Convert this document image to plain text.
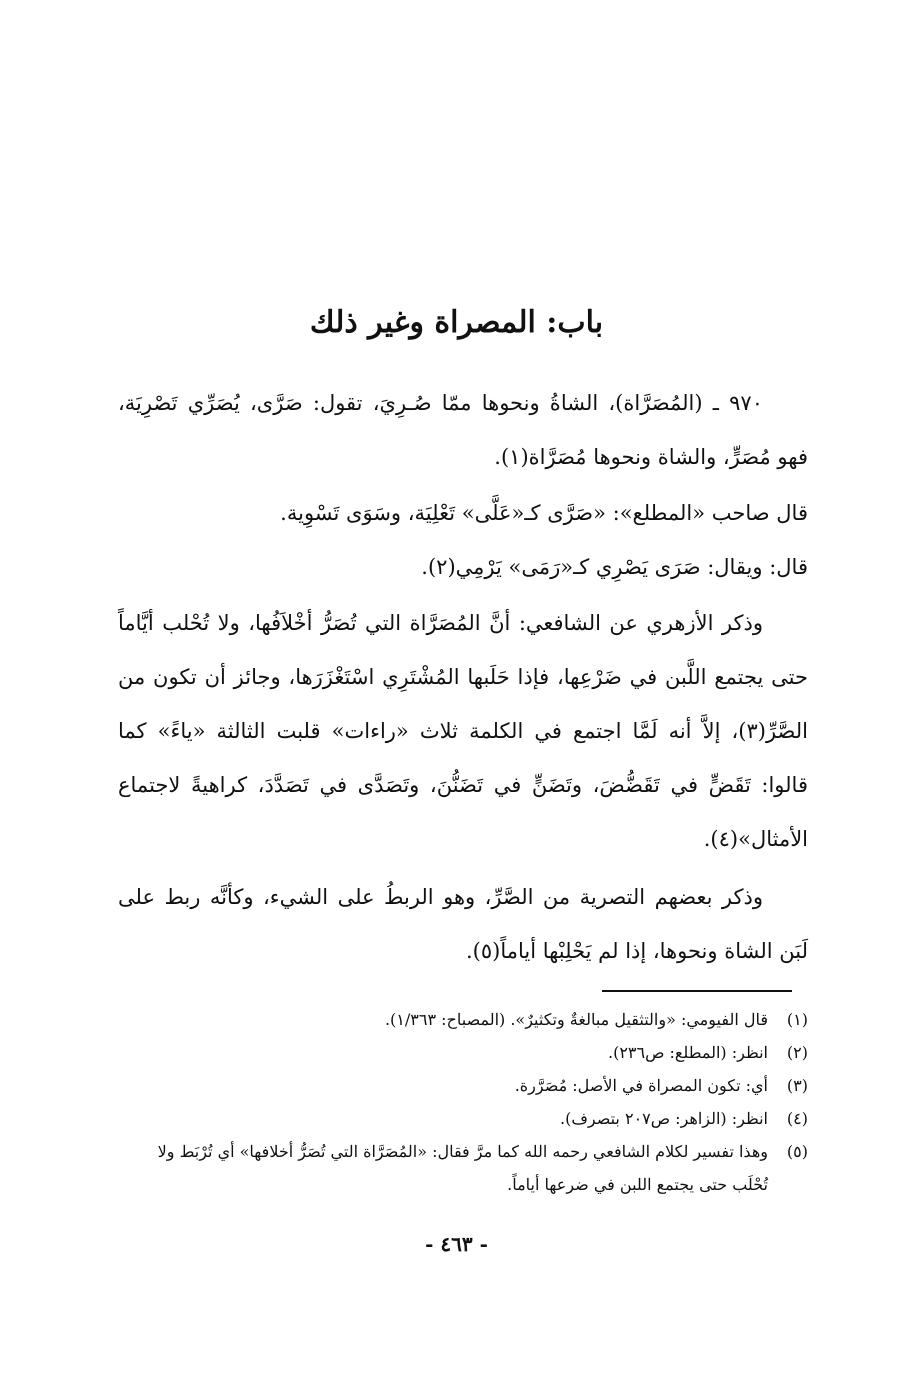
باب: المصراة وغير ذلك
٩٧٠ ـ (المُصَرَّاة)، الشاةُ ونحوها ممّا صُـرِيَ، تقول: صَرَّى، يُصَرِّي تَصْرِيَة، فهو مُصَرٍّ، والشاة ونحوها مُصَرَّاة(١).
قال صاحب «المطلع»: «صَرَّى كـ«عَلَّى» تَعْلِيَة، وسَوَى تَسْوِية.
قال: ويقال: صَرَى يَصْرِي كـ«رَمَى» يَرْمِي(٢).
وذكر الأزهري عن الشافعي: أنَّ المُصَرَّاة التي تُصَرُّ أخْلاَفُها، ولا تُحْلب أيَّاماً حتى يجتمع اللَّبن في ضَرْعِها، فإذا حَلَبها المُشْتَرِي اسْتَغْزَرَها، وجائز أن تكون من الصَّرِّ(٣)، إلاَّ أنه لَمَّا اجتمع في الكلمة ثلاث «راءات» قلبت الثالثة «ياءً» كما قالوا: تَقَضٍّ في تَقَضُّضَ، وتَضَنٍّ في تَضَنُّنَ، وتَصَدَّى في تَصَدَّدَ، كراهيةً لاجتماع الأمثال»(٤).
وذكر بعضهم التصرية من الصَّرِّ، وهو الربطُ على الشيء، وكأنَّه ربط على لَبَن الشاة ونحوها، إذا لم يَحْلِبْها أياماً(٥).
(١)
قال الفيومي: «والتثقيل مبالغةٌ وتكثيرٌ». (المصباح: ١/٣٦٣).
(٢)
انظر: (المطلع: ص٢٣٦).
(٣)
أي: تكون المصراة في الأصل: مُصَرَّرة.
(٤)
انظر: (الزاهر: ص٢٠٧ بتصرف).
(٥)
وهذا تفسير لكلام الشافعي رحمه الله كما مرَّ فقال: «المُصَرَّاة التي تُصَرُّ أخلافها» أي تُرْبَط ولا تُحْلَب حتى يجتمع اللبن في ضرعها أياماً.
- ٤٦٣ -
